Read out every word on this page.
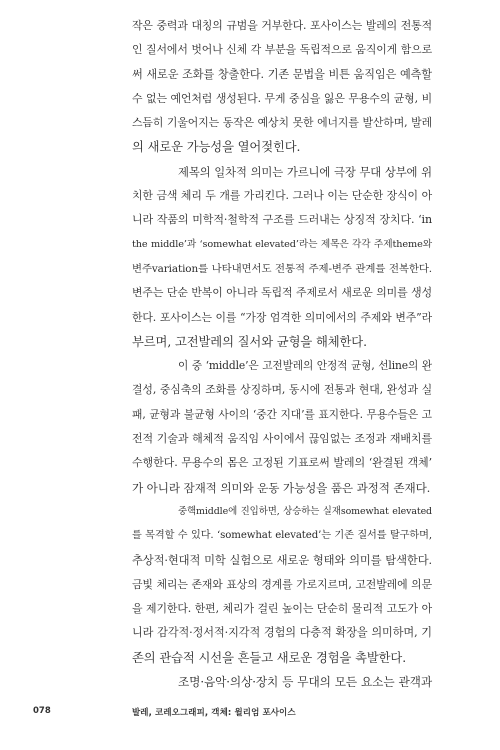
작은 중력과 대칭의 규범을 거부한다. 포사이스는 발레의 전통적
인 질서에서 벗어나 신체 각 부분을 독립적으로 움직이게 함으로
써 새로운 조화를 창출한다. 기존 문법을 비튼 움직임은 예측할
수 없는 예언처럼 생성된다. 무게 중심을 잃은 무용수의 균형, 비
스듬히 기울어지는 동작은 예상치 못한 에너지를 발산하며, 발레
의 새로운 가능성을 열어젖힌다.
제목의 일차적 의미는 가르니에 극장 무대 상부에 위
치한 금색 체리 두 개를 가리킨다. 그러나 이는 단순한 장식이 아
니라 작품의 미학적·철학적 구조를 드러내는 상징적 장치다. ‘in
the middle’과 ‘somewhat elevated’라는 제목은 각각 주제theme와
변주variation를 나타내면서도 전통적 주제-변주 관계를 전복한다.
변주는 단순 반복이 아니라 독립적 주제로서 새로운 의미를 생성
한다. 포사이스는 이를 “가장 엄격한 의미에서의 주제와 변주”라
부르며, 고전발레의 질서와 균형을 해체한다.
이 중 ‘middle’은 고전발레의 안정적 균형, 선line의 완
결성, 중심축의 조화를 상징하며, 동시에 전통과 현대, 완성과 실
패, 균형과 불균형 사이의 ‘중간 지대’를 표지한다. 무용수들은 고
전적 기술과 해체적 움직임 사이에서 끊임없는 조정과 재배치를
수행한다. 무용수의 몸은 고정된 기표로써 발레의 ‘완결된 객체’
가 아니라 잠재적 의미와 운동 가능성을 품은 과정적 존재다.
중핵middle에 진입하면, 상승하는 실재somewhat elevated
를 목격할 수 있다. ‘somewhat elevated’는 기존 질서를 탈구하며,
추상적·현대적 미학 실험으로 새로운 형태와 의미를 탐색한다.
금빛 체리는 존재와 표상의 경계를 가로지르며, 고전발레에 의문
을 제기한다. 한편, 체리가 걸린 높이는 단순히 물리적 고도가 아
니라 감각적·정서적·지각적 경험의 다층적 확장을 의미하며, 기
존의 관습적 시선을 흔들고 새로운 경험을 촉발한다.
조명·음악·의상·장치 등 무대의 모든 요소는 관객과
078	발레, 코레오그래피, 객체: 윌리엄 포사이스
